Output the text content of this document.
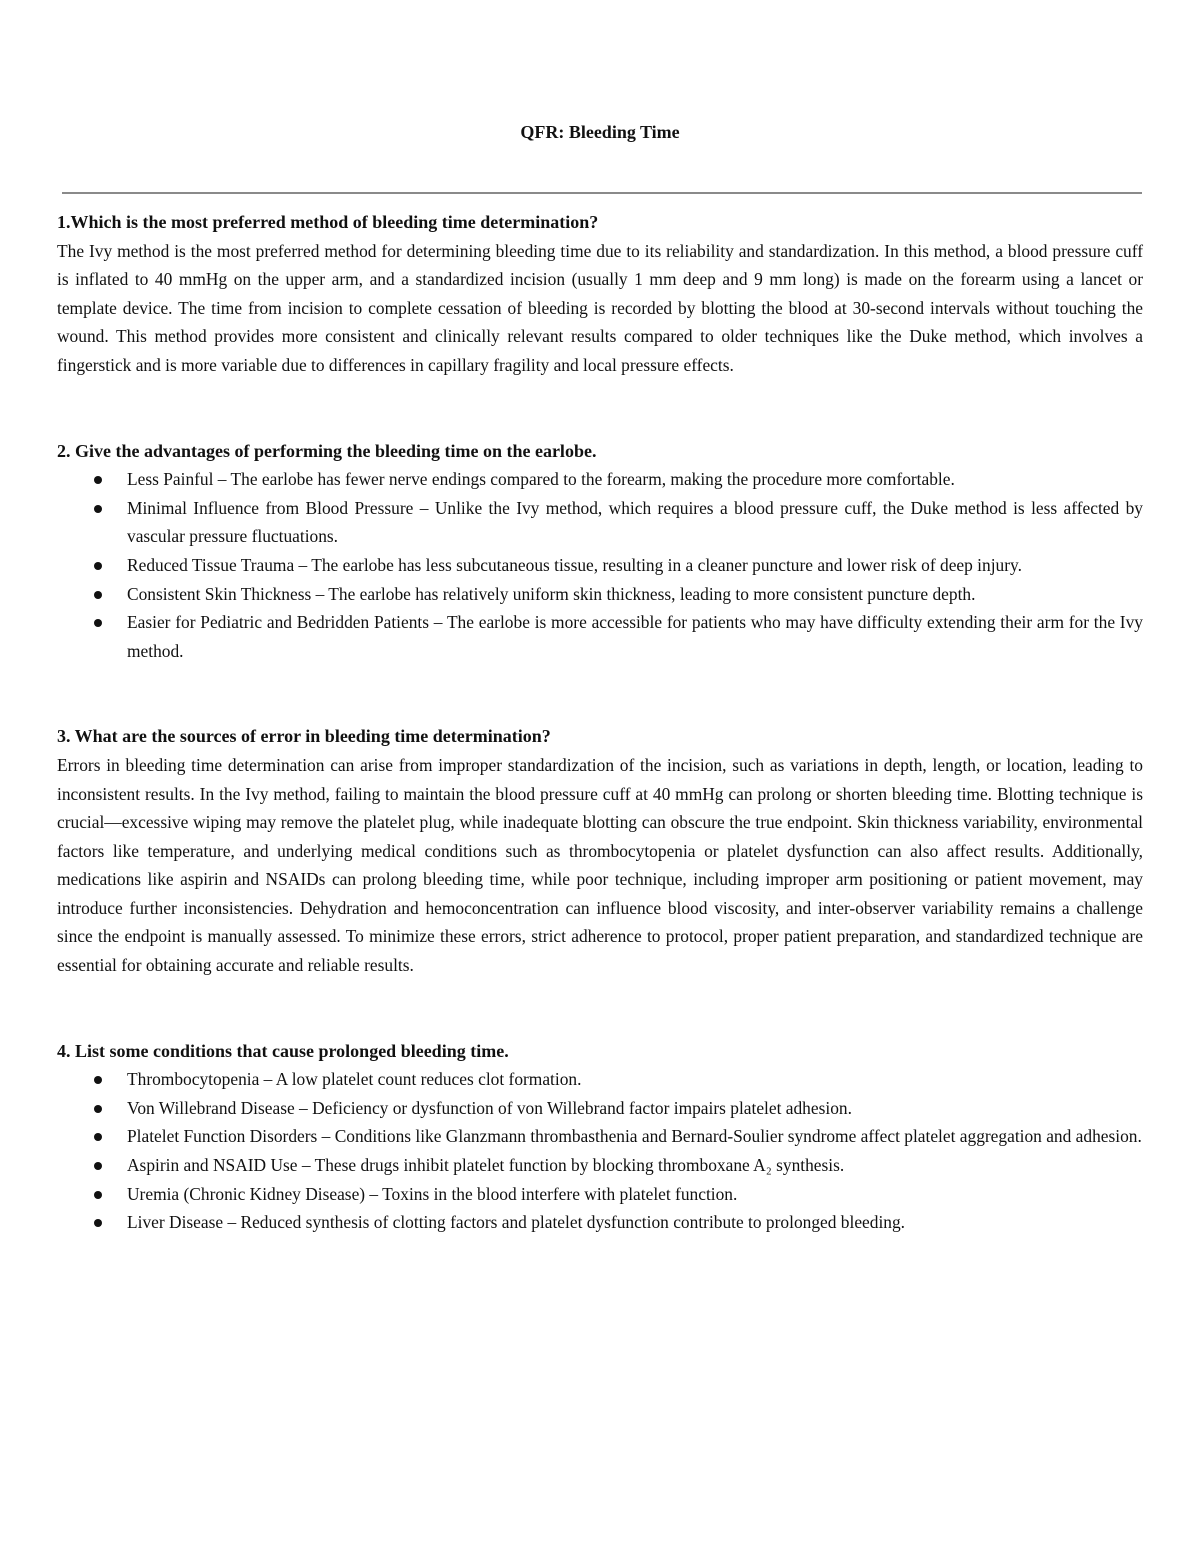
QFR: Bleeding Time

1.Which is the most preferred method of bleeding time determination?

The Ivy method is the most preferred method for determining bleeding time due to its reliability and standardization. In this method, a blood pressure cuff is inflated to 40 mmHg on the upper arm, and a standardized incision (usually 1 mm deep and 9 mm long) is made on the forearm using a lancet or template device. The time from incision to complete cessation of bleeding is recorded by blotting the blood at 30-second intervals without touching the wound. This method provides more consistent and clinically relevant results compared to older techniques like the Duke method, which involves a fingerstick and is more variable due to differences in capillary fragility and local pressure effects.

2. Give the advantages of performing the bleeding time on the earlobe.

Less Painful – The earlobe has fewer nerve endings compared to the forearm, making the procedure more comfortable.
Minimal Influence from Blood Pressure – Unlike the Ivy method, which requires a blood pressure cuff, the Duke method is less affected by vascular pressure fluctuations.
Reduced Tissue Trauma – The earlobe has less subcutaneous tissue, resulting in a cleaner puncture and lower risk of deep injury.
Consistent Skin Thickness – The earlobe has relatively uniform skin thickness, leading to more consistent puncture depth.
Easier for Pediatric and Bedridden Patients – The earlobe is more accessible for patients who may have difficulty extending their arm for the Ivy method.

3. What are the sources of error in bleeding time determination?

Errors in bleeding time determination can arise from improper standardization of the incision, such as variations in depth, length, or location, leading to inconsistent results. In the Ivy method, failing to maintain the blood pressure cuff at 40 mmHg can prolong or shorten bleeding time. Blotting technique is crucial—excessive wiping may remove the platelet plug, while inadequate blotting can obscure the true endpoint. Skin thickness variability, environmental factors like temperature, and underlying medical conditions such as thrombocytopenia or platelet dysfunction can also affect results. Additionally, medications like aspirin and NSAIDs can prolong bleeding time, while poor technique, including improper arm positioning or patient movement, may introduce further inconsistencies. Dehydration and hemoconcentration can influence blood viscosity, and inter-observer variability remains a challenge since the endpoint is manually assessed. To minimize these errors, strict adherence to protocol, proper patient preparation, and standardized technique are essential for obtaining accurate and reliable results.

4. List some conditions that cause prolonged bleeding time.

Thrombocytopenia – A low platelet count reduces clot formation.
Von Willebrand Disease – Deficiency or dysfunction of von Willebrand factor impairs platelet adhesion.
Platelet Function Disorders – Conditions like Glanzmann thrombasthenia and Bernard-Soulier syndrome affect platelet aggregation and adhesion.
Aspirin and NSAID Use – These drugs inhibit platelet function by blocking thromboxane A₂ synthesis.
Uremia (Chronic Kidney Disease) – Toxins in the blood interfere with platelet function.
Liver Disease – Reduced synthesis of clotting factors and platelet dysfunction contribute to prolonged bleeding.
